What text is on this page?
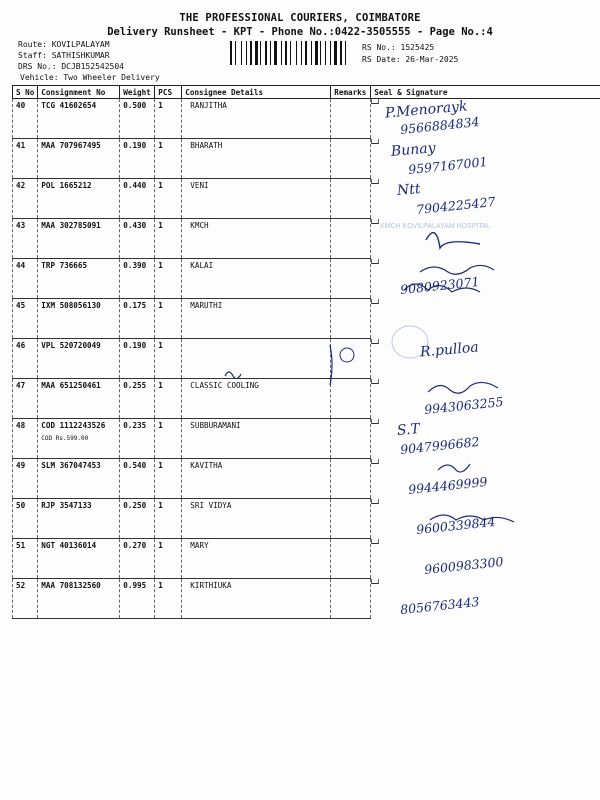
THE PROFESSIONAL COURIERS, COIMBATORE
Delivery Runsheet - KPT - Phone No.:0422-3505555 - Page No.:4
Route: KOVILPALAYAM
Staff: SATHISHKUMAR
DRS No.: DCJB152542504
Vehicle: Two Wheeler Delivery
RS No.: 1525425
RS Date: 26-Mar-2025
S No	Consignment No	Weight	PCS	Consignee Details	Remarks	Seal & Signature
40	TCG 41602654	0.500	1	RANJITHA		

41	MAA 707967495	0.190	1	BHARATH		

42	POL 1665212	0.440	1	VENI		

43	MAA 302785091	0.430	1	KMCH		

44	TRP 736665	0.390	1	KALAI		

45	IXM 508056130	0.175	1	MARUTHI		

46	VPL 520720049	0.190	1			

47	MAA 651250461	0.255	1	CLASSIC COOLING		

48	COD 1112243526
COD Rs.599.00	0.235	1	SUBBURAMANI		

49	SLM 367047453	0.540	1	KAVITHA		

50	RJP 3547133	0.250	1	SRI VIDYA		

51	NGT 40136014	0.270	1	MARY		

52	MAA 708132560	0.995	1	KIRTHIUKA		
KMCH KOVILPALAYAM HOSPITAL
P.Menorayk
9566884834
Bunay
9597167001
Ntt
7904225427
9080923071
R.pulloa
9943063255
S.T
9047996682
9944469999
9600339844
9600983300
8056763443
